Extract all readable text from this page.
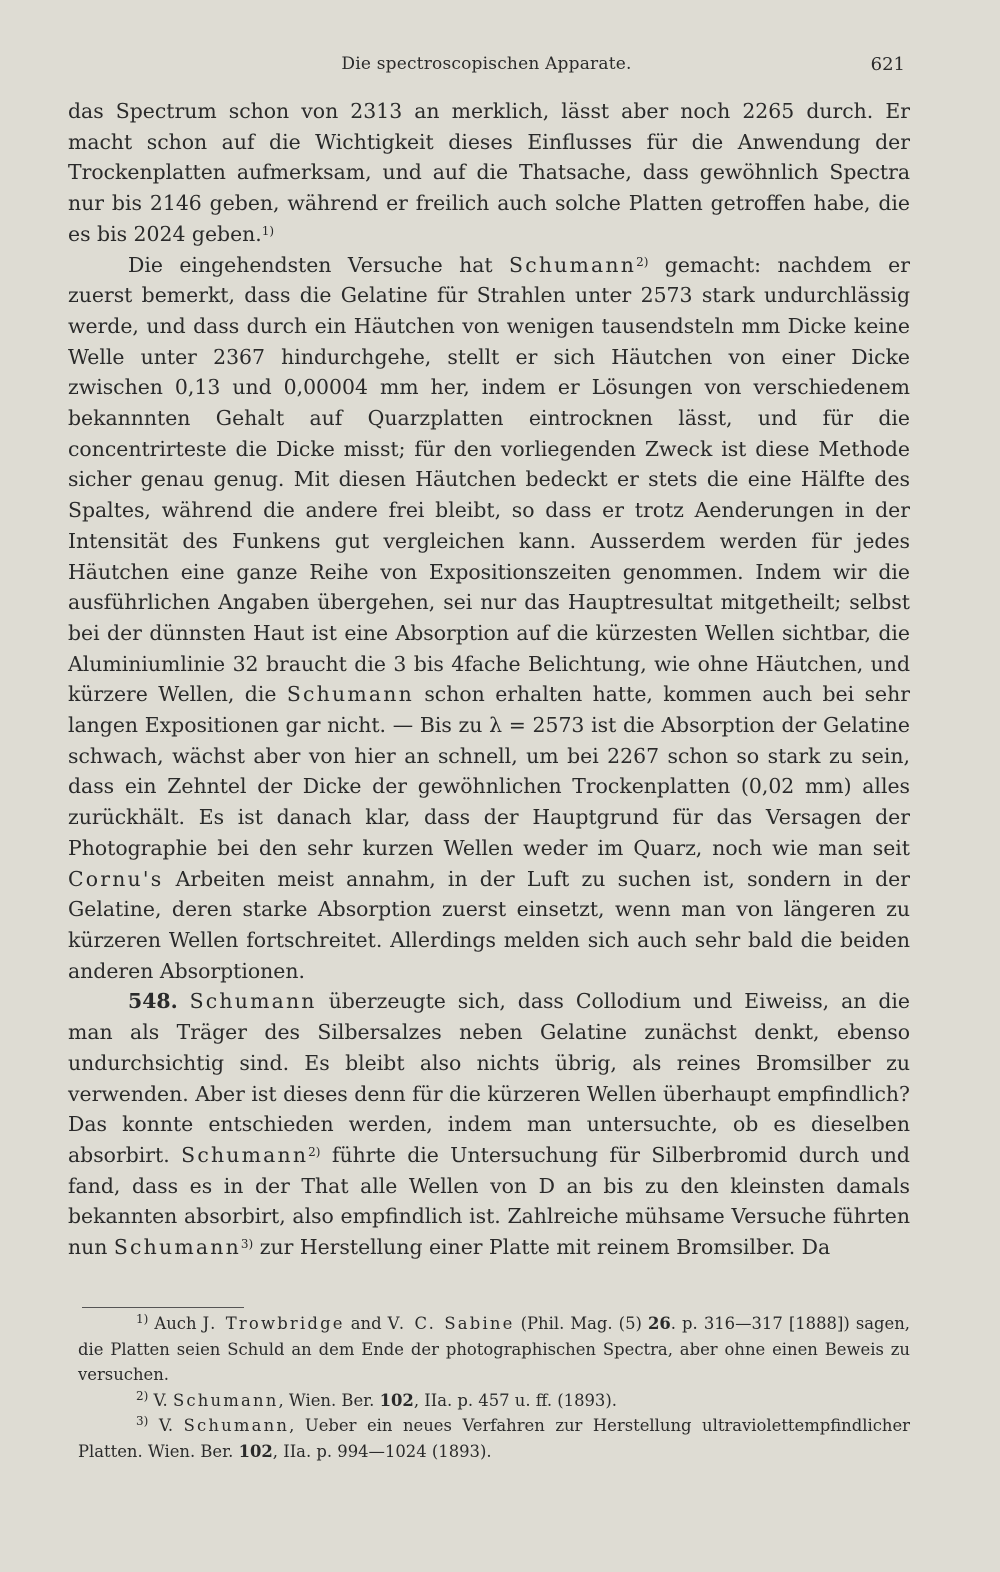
Die spectroscopischen Apparate.	621

das Spectrum schon von 2313 an merklich, lässt aber noch 2265 durch. Er macht schon auf die Wichtigkeit dieses Einflusses für die Anwendung der Trockenplatten aufmerksam, und auf die Thatsache, dass gewöhnlich Spectra nur bis 2146 geben, während er freilich auch solche Platten getroffen habe, die es bis 2024 geben.$^{1)}$

Die eingehendsten Versuche hat Schumann$^{2)}$ gemacht: nachdem er zuerst bemerkt, dass die Gelatine für Strahlen unter 2573 stark undurchlässig werde, und dass durch ein Häutchen von wenigen tausendsteln mm Dicke keine Welle unter 2367 hindurchgehe, stellt er sich Häutchen von einer Dicke zwischen 0,13 und 0,00004 mm her, indem er Lösungen von verschiedenem bekannnten Gehalt auf Quarzplatten eintrocknen lässt, und für die concentrirteste die Dicke misst; für den vorliegenden Zweck ist diese Methode sicher genau genug. Mit diesen Häutchen bedeckt er stets die eine Hälfte des Spaltes, während die andere frei bleibt, so dass er trotz Aenderungen in der Intensität des Funkens gut vergleichen kann. Ausserdem werden für jedes Häutchen eine ganze Reihe von Expositionszeiten genommen. Indem wir die ausführlichen Angaben übergehen, sei nur das Hauptresultat mitgetheilt; selbst bei der dünnsten Haut ist eine Absorption auf die kürzesten Wellen sichtbar, die Aluminiumlinie 32 braucht die 3 bis 4fache Belichtung, wie ohne Häutchen, und kürzere Wellen, die Schumann schon erhalten hatte, kommen auch bei sehr langen Expositionen gar nicht. — Bis zu λ = 2573 ist die Absorption der Gelatine schwach, wächst aber von hier an schnell, um bei 2267 schon so stark zu sein, dass ein Zehntel der Dicke der gewöhnlichen Trockenplatten (0,02 mm) alles zurückhält. Es ist danach klar, dass der Hauptgrund für das Versagen der Photographie bei den sehr kurzen Wellen weder im Quarz, noch wie man seit Cornu's Arbeiten meist annahm, in der Luft zu suchen ist, sondern in der Gelatine, deren starke Absorption zuerst einsetzt, wenn man von längeren zu kürzeren Wellen fortschreitet. Allerdings melden sich auch sehr bald die beiden anderen Absorptionen.

548. Schumann überzeugte sich, dass Collodium und Eiweiss, an die man als Träger des Silbersalzes neben Gelatine zunächst denkt, ebenso undurchsichtig sind. Es bleibt also nichts übrig, als reines Bromsilber zu verwenden. Aber ist dieses denn für die kürzeren Wellen überhaupt empfindlich? Das konnte entschieden werden, indem man untersuchte, ob es dieselben absorbirt. Schumann$^{2)}$ führte die Untersuchung für Silberbromid durch und fand, dass es in der That alle Wellen von D an bis zu den kleinsten damals bekannten absorbirt, also empfindlich ist. Zahlreiche mühsame Versuche führten nun Schumann$^{3)}$ zur Herstellung einer Platte mit reinem Bromsilber. Da

$^{1)}$ Auch J. Trowbridge and V. C. Sabine (Phil. Mag. (5) 26. p. 316—317 [1888]) sagen, die Platten seien Schuld an dem Ende der photographischen Spectra, aber ohne einen Beweis zu versuchen.

$^{2)}$ V. Schumann, Wien. Ber. 102, IIa. p. 457 u. ff. (1893).

$^{3)}$ V. Schumann, Ueber ein neues Verfahren zur Herstellung ultraviolettempfindlicher Platten. Wien. Ber. 102, IIa. p. 994—1024 (1893).
